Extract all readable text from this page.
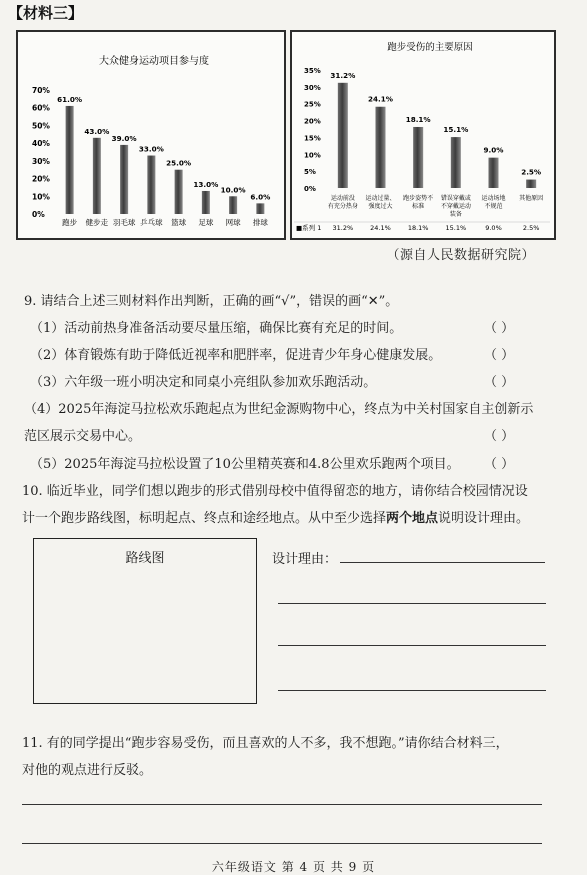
【材料三】
大众健身运动项目参与度
0%
10%
20%
30%
40%
50%
60%
70%
61.0%
跑步
43.0%
健步走
39.0%
羽毛球
33.0%
乒乓球
25.0%
篮球
13.0%
足球
10.0%
网球
6.0%
排球
跑步受伤的主要原因
0%
5%
10%
15%
20%
25%
30%
35% 31.2%
运动前没
有充分热身
31.2%
24.1%
运动过量、
强度过大
24.1%
18.1%
跑步姿势不
标准
18.1%
15.1%
错误穿戴或
不穿戴运动
装备
15.1%
9.0%
运动场地
不规范
9.0%
2.5%
其他原因
2.5%
■系列 1
（源自人民数据研究院）
9. 请结合上述三则材料作出判断，正确的画“√”，错误的画“✕”。
（1）活动前热身准备活动要尽量压缩，确保比赛有充足的时间。	（ ）
（2）体育锻炼有助于降低近视率和肥胖率，促进青少年身心健康发展。	（ ）
（3）六年级一班小明决定和同桌小亮组队参加欢乐跑活动。	（ ）
（4）2025年海淀马拉松欢乐跑起点为世纪金源购物中心，终点为中关村国家自主创新示
范区展示交易中心。	（ ）
（5）2025年海淀马拉松设置了10公里精英赛和4.8公里欢乐跑两个项目。 （ ）
10. 临近毕业，同学们想以跑步的形式借别母校中值得留恋的地方，请你结合校园情况设
计一个跑步路线图，标明起点、终点和途经地点。从中至少选择两个地点说明设计理由。
路线图	设计理由：
11. 有的同学提出“跑步容易受伤，而且喜欢的人不多，我不想跑。”请你结合材料三，
对他的观点进行反驳。
六年级语文 第 4 页 共 9 页
